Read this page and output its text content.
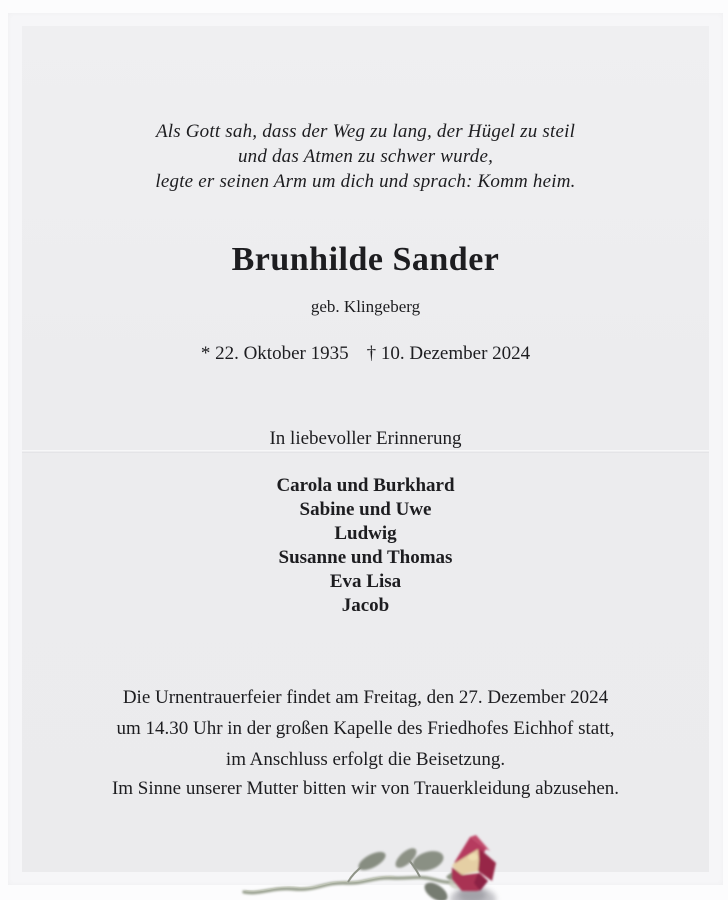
Als Gott sah, dass der Weg zu lang, der Hügel zu steil
und das Atmen zu schwer wurde,
legte er seinen Arm um dich und sprach: Komm heim.
Brunhilde Sander
geb. Klingeberg
* 22. Oktober 1935 † 10. Dezember 2024
In liebevoller Erinnerung
Carola und Burkhard
Sabine und Uwe
Ludwig
Susanne und Thomas
Eva Lisa
Jacob
Die Urnentrauerfeier findet am Freitag, den 27. Dezember 2024
um 14.30 Uhr in der großen Kapelle des Friedhofes Eichhof statt,
im Anschluss erfolgt die Beisetzung.
Im Sinne unserer Mutter bitten wir von Trauerkleidung abzusehen.
